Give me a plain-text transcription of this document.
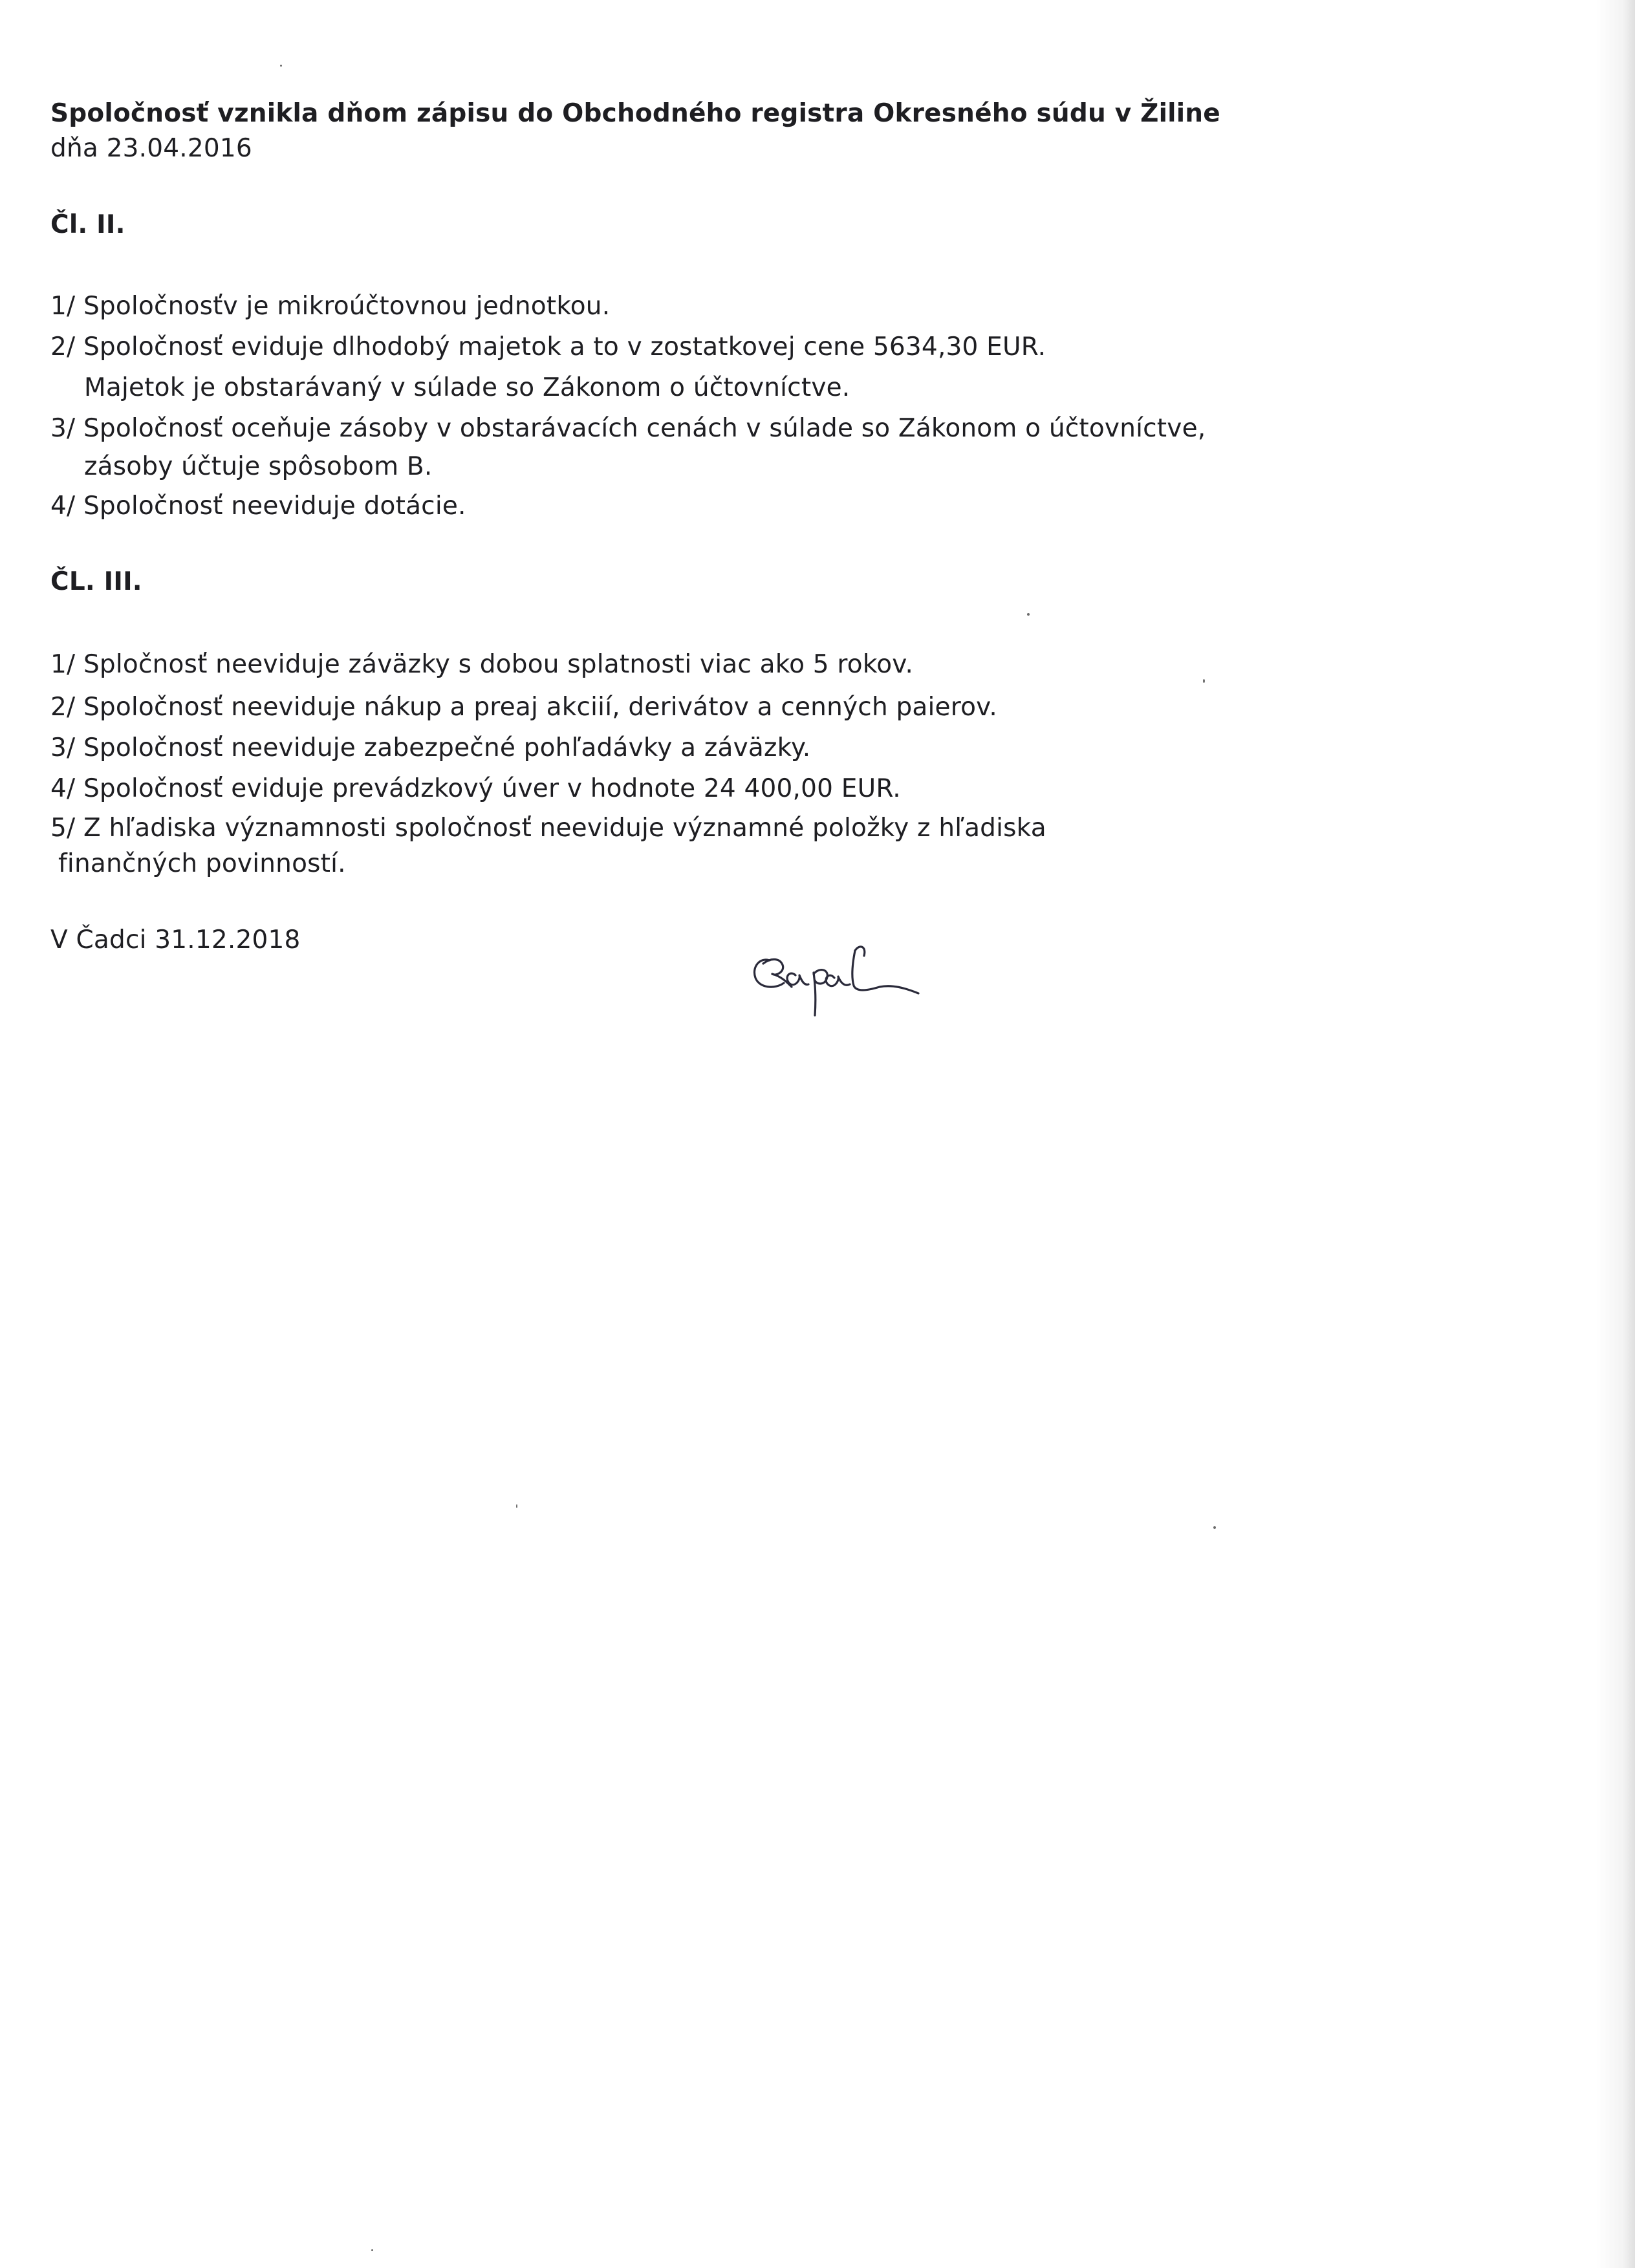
Spoločnosť vznikla dňom zápisu do Obchodného registra Okresného súdu v Žiline
dňa 23.04.2016
Čl. II.
1/ Spoločnosťv je mikroúčtovnou jednotkou.
2/ Spoločnosť eviduje dlhodobý majetok a to v zostatkovej cene 5634,30 EUR.
Majetok je obstarávaný v súlade so Zákonom o účtovníctve.
3/ Spoločnosť oceňuje zásoby v obstarávacích cenách v súlade so Zákonom o účtovníctve,
zásoby účtuje spôsobom B.
4/ Spoločnosť neeviduje dotácie.
ČL. III.
1/ Spločnosť neeviduje záväzky s dobou splatnosti viac ako 5 rokov.
2/ Spoločnosť neeviduje nákup a preaj akciií, derivátov a cenných paierov.
3/ Spoločnosť neeviduje zabezpečné pohľadávky a záväzky.
4/ Spoločnosť eviduje prevádzkový úver v hodnote 24 400,00 EUR.
5/ Z hľadiska významnosti spoločnosť neeviduje významné položky z hľadiska
finančných povinností.
V Čadci 31.12.2018
